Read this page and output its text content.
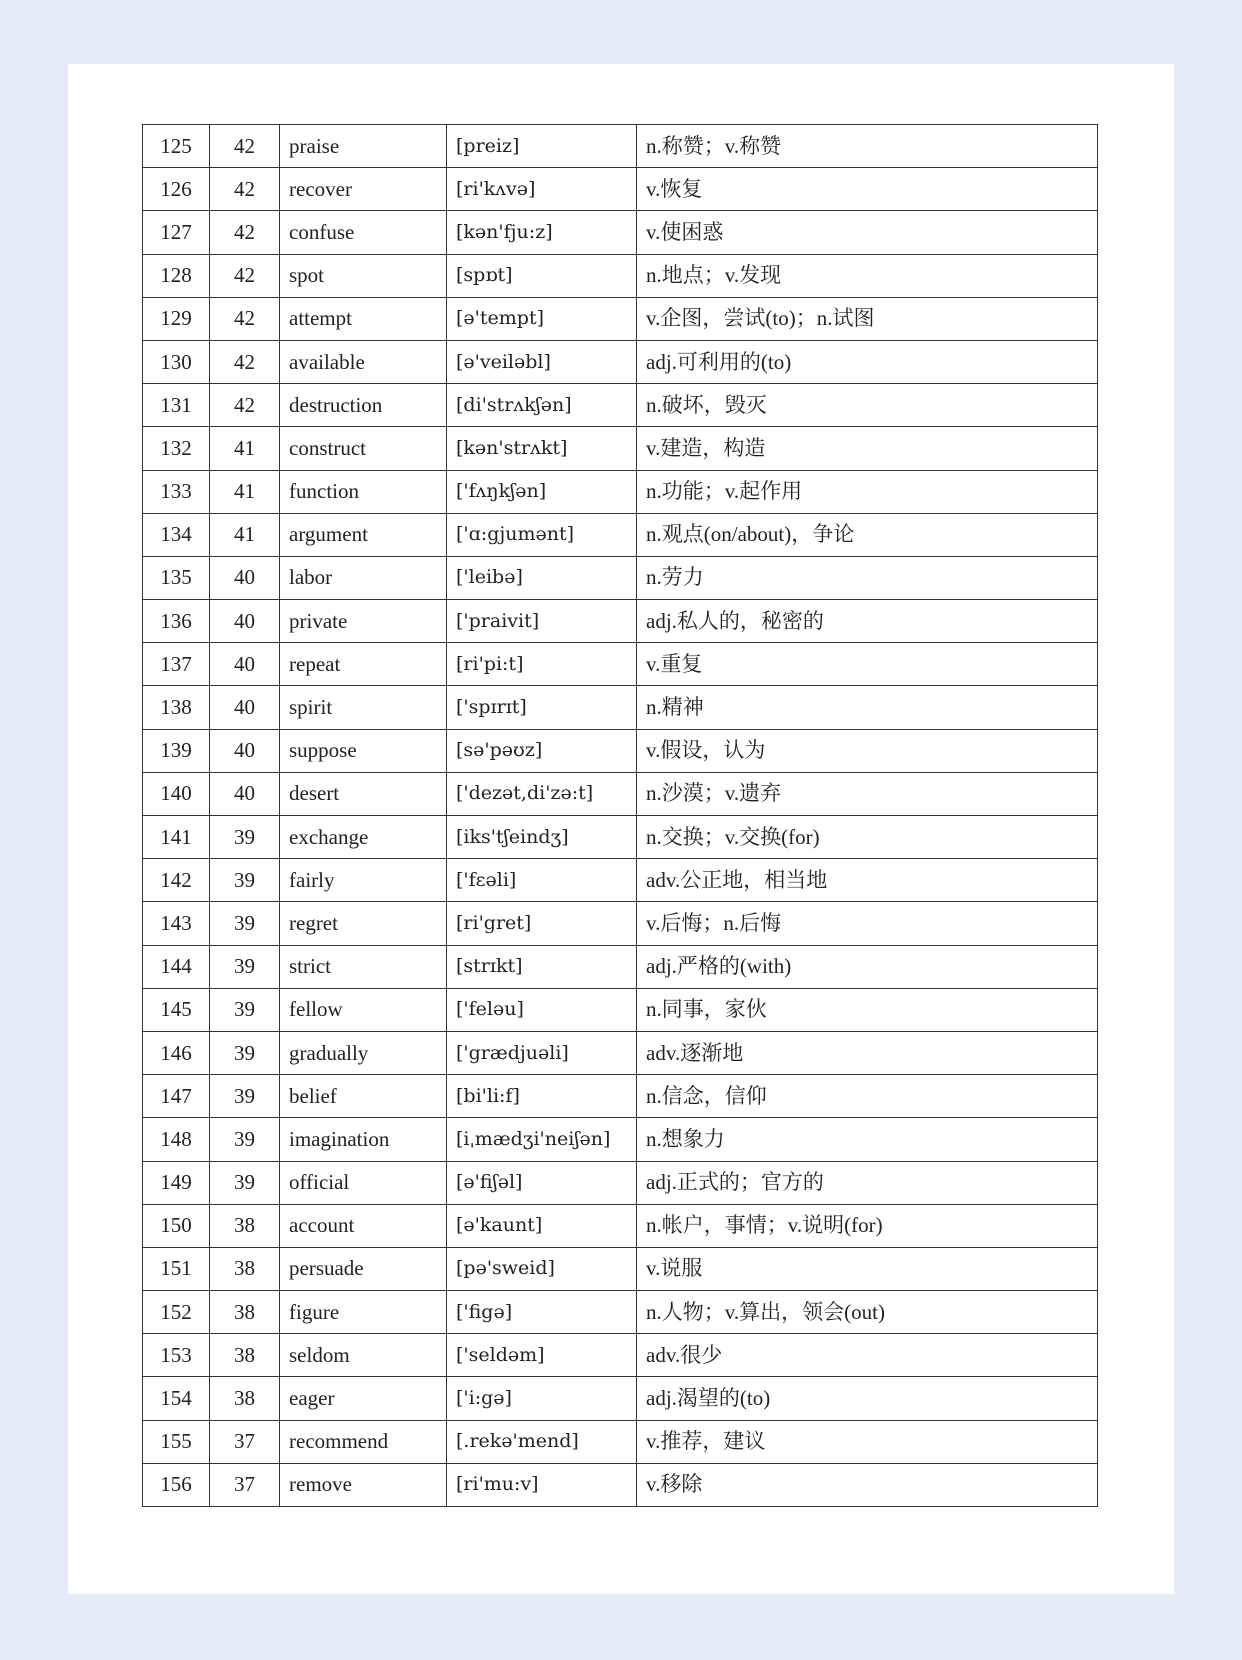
125	42	praise	[preiz]	n.称赞；v.称赞
126	42	recover	[ri'kʌvə]	v.恢复
127	42	confuse	[kən'fju:z]	v.使困惑
128	42	spot	[spɒt]	n.地点；v.发现
129	42	attempt	[ə'tempt]	v.企图，尝试(to)；n.试图
130	42	available	[ə'veiləbl]	adj.可利用的(to)
131	42	destruction	[di'strʌkʃən]	n.破坏，毁灭
132	41	construct	[kən'strʌkt]	v.建造，构造
133	41	function	['fʌŋkʃən]	n.功能；v.起作用
134	41	argument	['ɑ:gjumənt]	n.观点(on/about)，争论
135	40	labor	['leibə]	n.劳力
136	40	private	['praivit]	adj.私人的，秘密的
137	40	repeat	[ri'pi:t]	v.重复
138	40	spirit	['spɪrɪt]	n.精神
139	40	suppose	[sə'pəʊz]	v.假设，认为
140	40	desert	['dezət,di'zə:t]	n.沙漠；v.遗弃
141	39	exchange	[iks'tʃeindʒ]	n.交换；v.交换(for)
142	39	fairly	['fɛəli]	adv.公正地，相当地
143	39	regret	[ri'gret]	v.后悔；n.后悔
144	39	strict	[strɪkt]	adj.严格的(with)
145	39	fellow	['feləu]	n.同事，家伙
146	39	gradually	['grædjuəli]	adv.逐渐地
147	39	belief	[bi'li:f]	n.信念，信仰
148	39	imagination	[iˌmædʒi'neiʃən]	n.想象力
149	39	official	[ə'fiʃəl]	adj.正式的；官方的
150	38	account	[ə'kaunt]	n.帐户，事情；v.说明(for)
151	38	persuade	[pə'sweid]	v.说服
152	38	figure	['figə]	n.人物；v.算出，领会(out)
153	38	seldom	['seldəm]	adv.很少
154	38	eager	['i:gə]	adj.渴望的(to)
155	37	recommend	[.rekə'mend]	v.推荐，建议
156	37	remove	[ri'mu:v]	v.移除
